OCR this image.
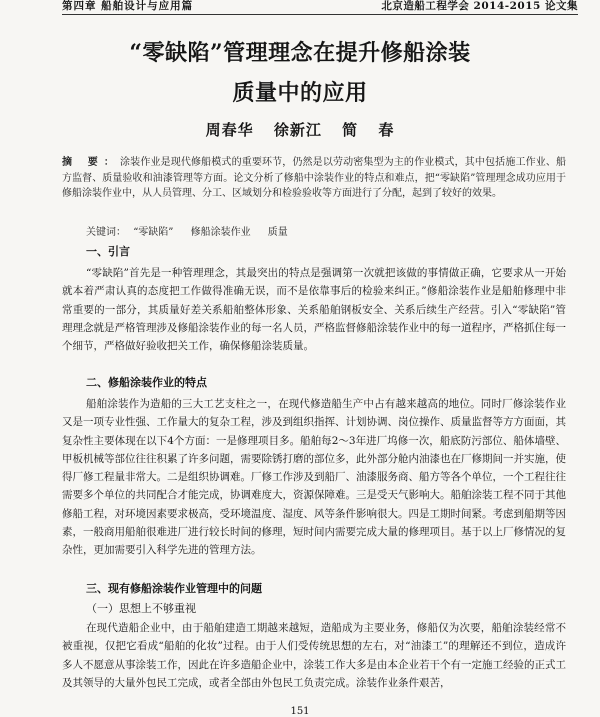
第四章 船舶设计与应用篇	北京造船工程学会 2014-2015 论文集
“零缺陷”管理理念在提升修船涂装
质量中的应用
周春华 徐新江 简 春
摘 要：涂装作业是现代修船模式的重要环节，仍然是以劳动密集型为主的作业模式，其中包括施工作业、船方监督、质量验收和油漆管理等方面。论文分析了修船中涂装作业的特点和难点，把“零缺陷”管理理念成功应用于修船涂装作业中，从人员管理、分工、区域划分和检验验收等方面进行了分配，起到了较好的效果。
关键词： “零缺陷” 修船涂装作业 质量
一、引言

“零缺陷”首先是一种管理理念，其最突出的特点是强调第一次就把该做的事情做正确，它要求从一开始就本着严肃认真的态度把工作做得准确无误，而不是依靠事后的检验来纠正。”修船涂装作业是船舶修理中非常重要的一部分，其质量好差关系船舶整体形象、关系船舶钢板安全、关系后续生产经营。引入“零缺陷”管理理念就是严格管理涉及修船涂装作业的每一名人员，严格监督修船涂装作业中的每一道程序，严格抓住每一个细节，严格做好验收把关工作，确保修船涂装质量。

二、修船涂装作业的特点

船舶涂装作为造船的三大工艺支柱之一，在现代修造船生产中占有越来越高的地位。同时厂修涂装作业又是一项专业性强、工作量大的复杂工程，涉及到组织指挥、计划协调、岗位操作、质量监督等方方面面，其复杂性主要体现在以下4个方面：一是修理项目多。船舶每2～3年进厂坞修一次，船底防污部位、船体墙壁、甲板机械等部位往往积累了许多问题，需要除锈打磨的部位多，此外部分舱内油漆也在厂修期间一并实施，使得厂修工程量非常大。二是组织协调难。厂修工作涉及到船厂、油漆服务商、船方等各个单位，一个工程往往需要多个单位的共同配合才能完成，协调难度大，资源保障难。三是受天气影响大。船舶涂装工程不同于其他修船工程，对环境因素要求极高，受环境温度、湿度、风等条件影响很大。四是工期时间紧。考虑到船期等因素，一般商用船舶很难进厂进行较长时间的修理，短时间内需要完成大量的修理项目。基于以上厂修情况的复杂性，更加需要引入科学先进的管理方法。

三、现有修船涂装作业管理中的问题
（一）思想上不够重视

在现代造船企业中，由于船舶建造工期越来越短，造船成为主要业务，修船仅为次要，船舶涂装经常不被重视，仅把它看成“船舶的化妆”过程。由于人们受传统思想的左右，对“油漆工”的理解还不到位，造成许多人不愿意从事涂装工作，因此在许多造船企业中，涂装工作大多是由本企业若干个有一定施工经验的正式工及其领导的大量外包民工完成，或者全部由外包民工负责完成。涂装作业条件艰苦，

151
